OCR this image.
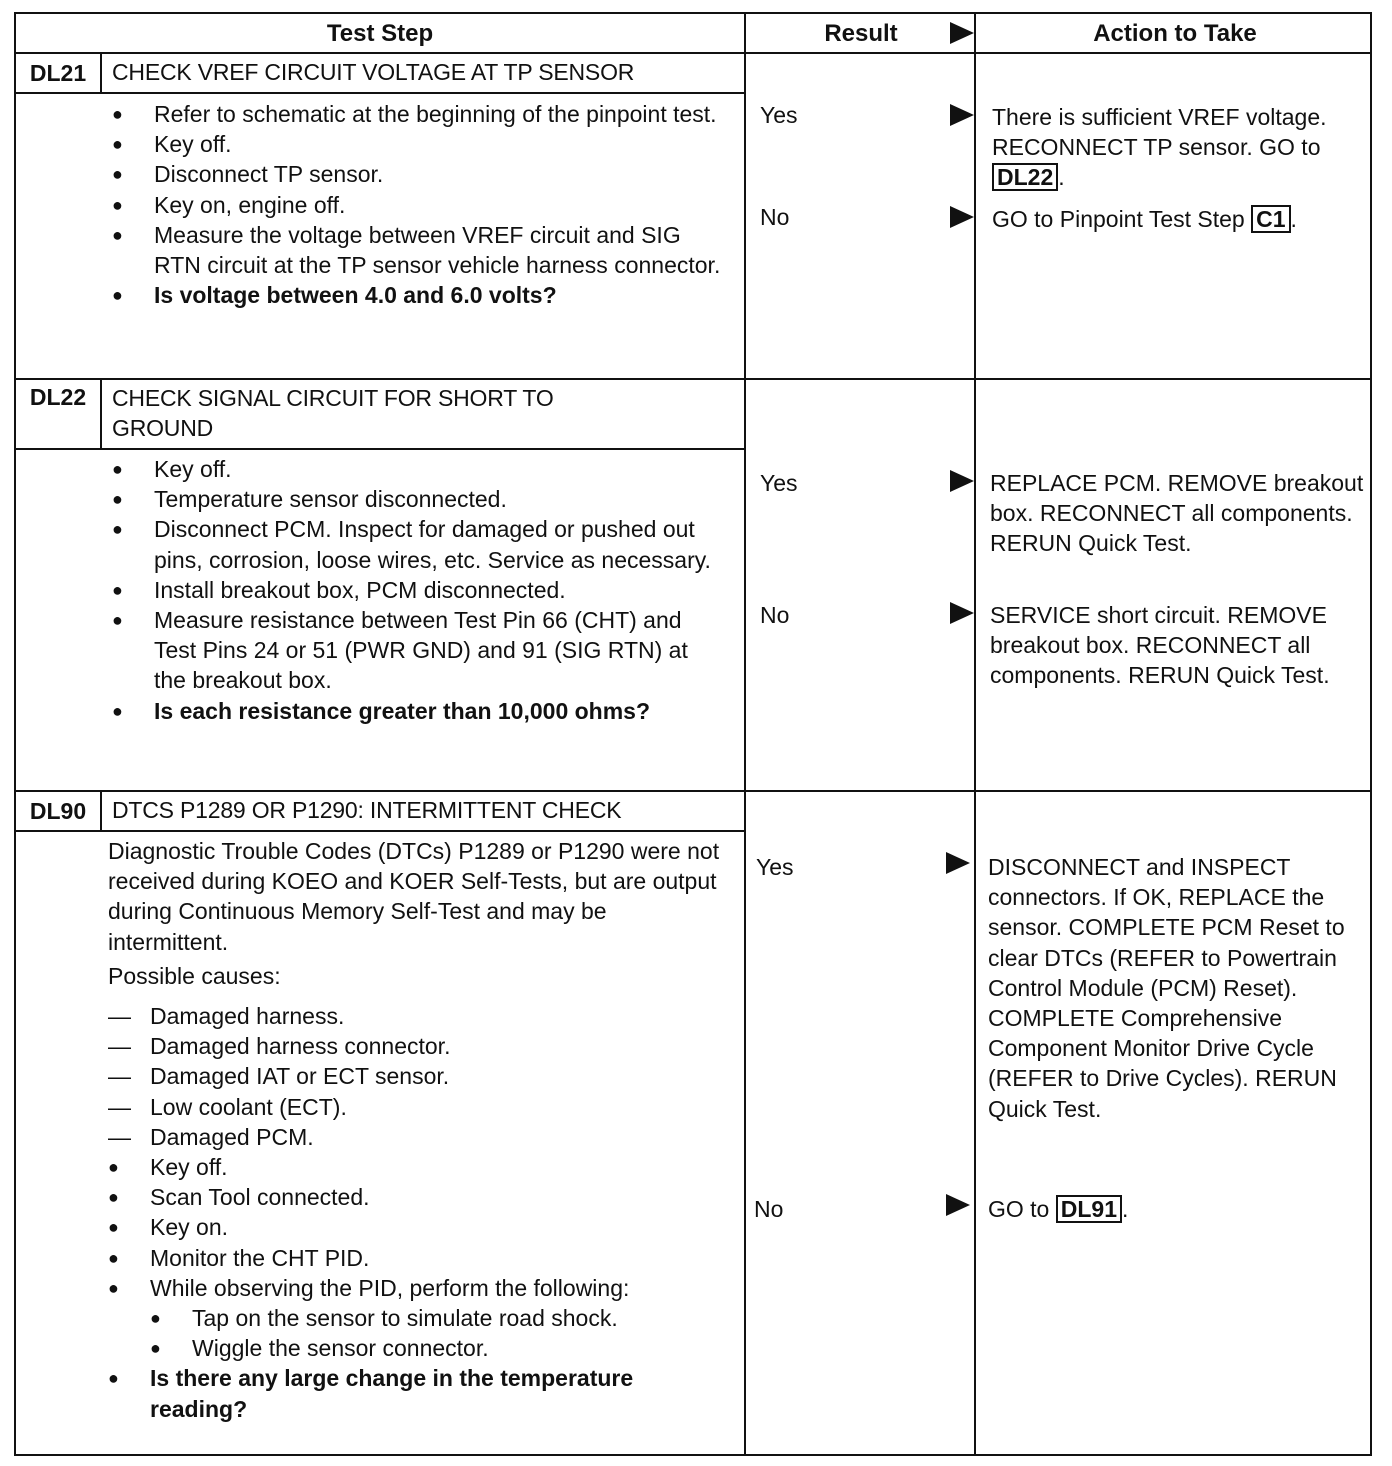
Test Step	Result	Action to Take
DL21	CHECK VREF CIRCUIT VOLTAGE AT TP SENSOR
● Refer to schematic at the beginning of the pinpoint test.
● Key off.
● Disconnect TP sensor.
● Key on, engine off.
● Measure the voltage between VREF circuit and SIG RTN circuit at the TP sensor vehicle harness connector.
● Is voltage between 4.0 and 6.0 volts?
Yes	There is sufficient VREF voltage. RECONNECT TP sensor. GO to DL22 .
No	GO to Pinpoint Test Step C1 .
DL22	CHECK SIGNAL CIRCUIT FOR SHORT TO GROUND
● Key off.
● Temperature sensor disconnected.
● Disconnect PCM. Inspect for damaged or pushed out pins, corrosion, loose wires, etc. Service as necessary.
● Install breakout box, PCM disconnected.
● Measure resistance between Test Pin 66 (CHT) and Test Pins 24 or 51 (PWR GND) and 91 (SIG RTN) at the breakout box.
● Is each resistance greater than 10,000 ohms?
Yes	REPLACE PCM. REMOVE breakout box. RECONNECT all components. RERUN Quick Test.
No	SERVICE short circuit. REMOVE breakout box. RECONNECT all components. RERUN Quick Test.
DL90	DTCS P1289 OR P1290: INTERMITTENT CHECK
Diagnostic Trouble Codes (DTCs) P1289 or P1290 were not received during KOEO and KOER Self-Tests, but are output during Continuous Memory Self-Test and may be intermittent.
Possible causes:
— Damaged harness.
— Damaged harness connector.
— Damaged IAT or ECT sensor.
— Low coolant (ECT).
— Damaged PCM.
● Key off.
● Scan Tool connected.
● Key on.
● Monitor the CHT PID.
● While observing the PID, perform the following:
● Tap on the sensor to simulate road shock.
● Wiggle the sensor connector.
● Is there any large change in the temperature reading?
Yes	DISCONNECT and INSPECT connectors. If OK, REPLACE the sensor. COMPLETE PCM Reset to clear DTCs (REFER to Powertrain Control Module (PCM) Reset). COMPLETE Comprehensive Component Monitor Drive Cycle (REFER to Drive Cycles). RERUN Quick Test.
No	GO to DL91 .
